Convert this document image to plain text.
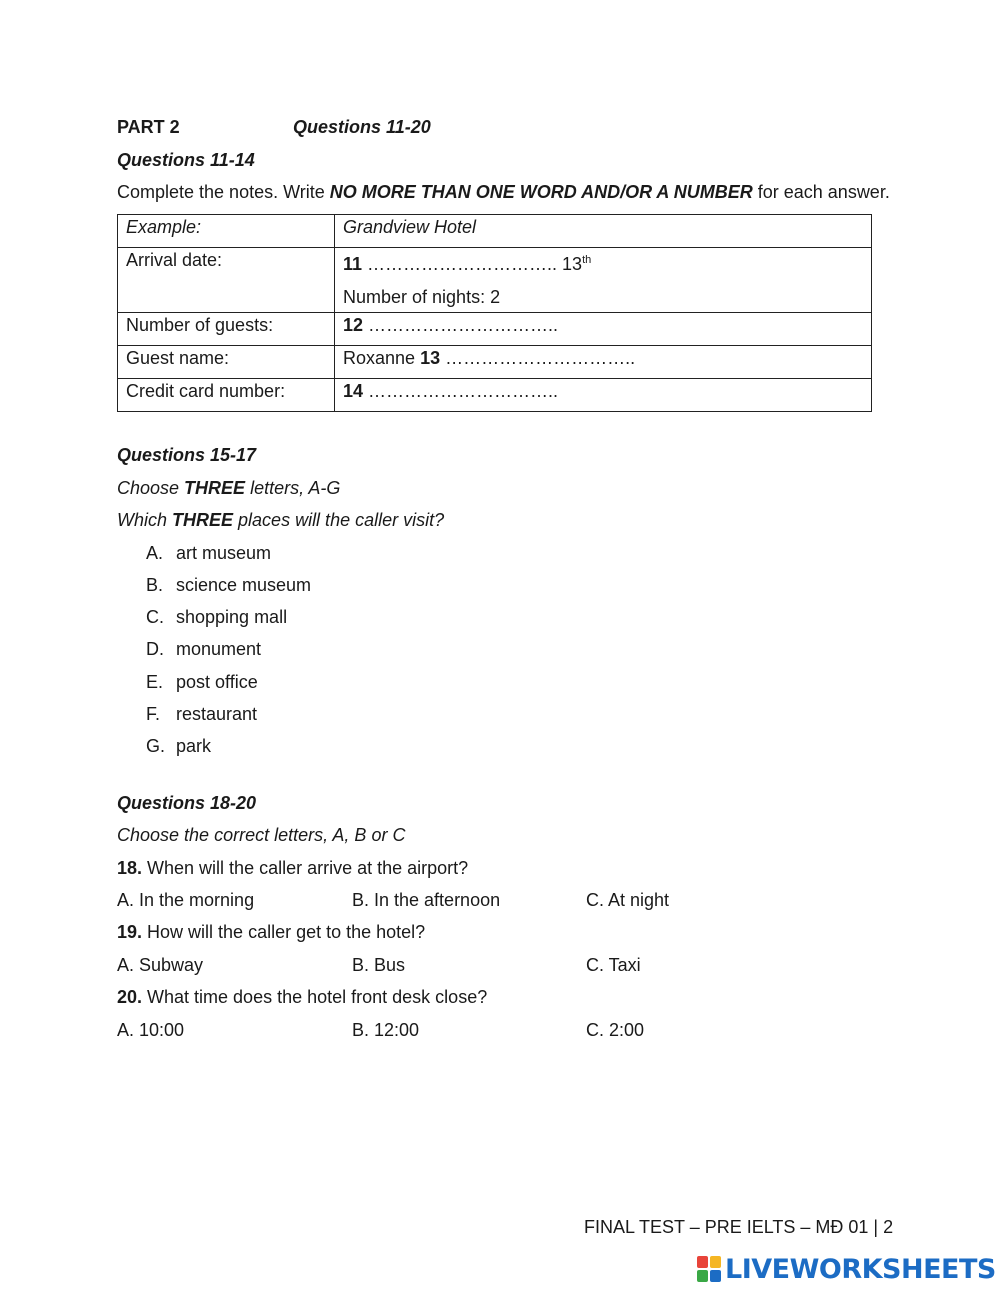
PART 2	Questions 11-20
Questions 11-14
Complete the notes. Write NO MORE THAN ONE WORD AND/OR A NUMBER for each answer.
Example:	Grandview Hotel
Arrival date:	11 ………………………….. 13th
Number of nights: 2

Number of guests:	12 …………………………..
Guest name:	Roxanne 13 …………………………..
Credit card number:	14 …………………………..
Questions 15-17
Choose THREE letters, A-G
Which THREE places will the caller visit?
A. art museum
B. science museum
C. shopping mall
D. monument
E. post office
F. restaurant
G. park
Questions 18-20
Choose the correct letters, A, B or C
18. When will the caller arrive at the airport?
A. In the morning	B. In the afternoon	C. At night
19. How will the caller get to the hotel?
A. Subway	B. Bus	C. Taxi
20. What time does the hotel front desk close?
A. 10:00	B. 12:00	C. 2:00
FINAL TEST – PRE IELTS – MĐ 01 | 2
LIVEWORKSHEETS
